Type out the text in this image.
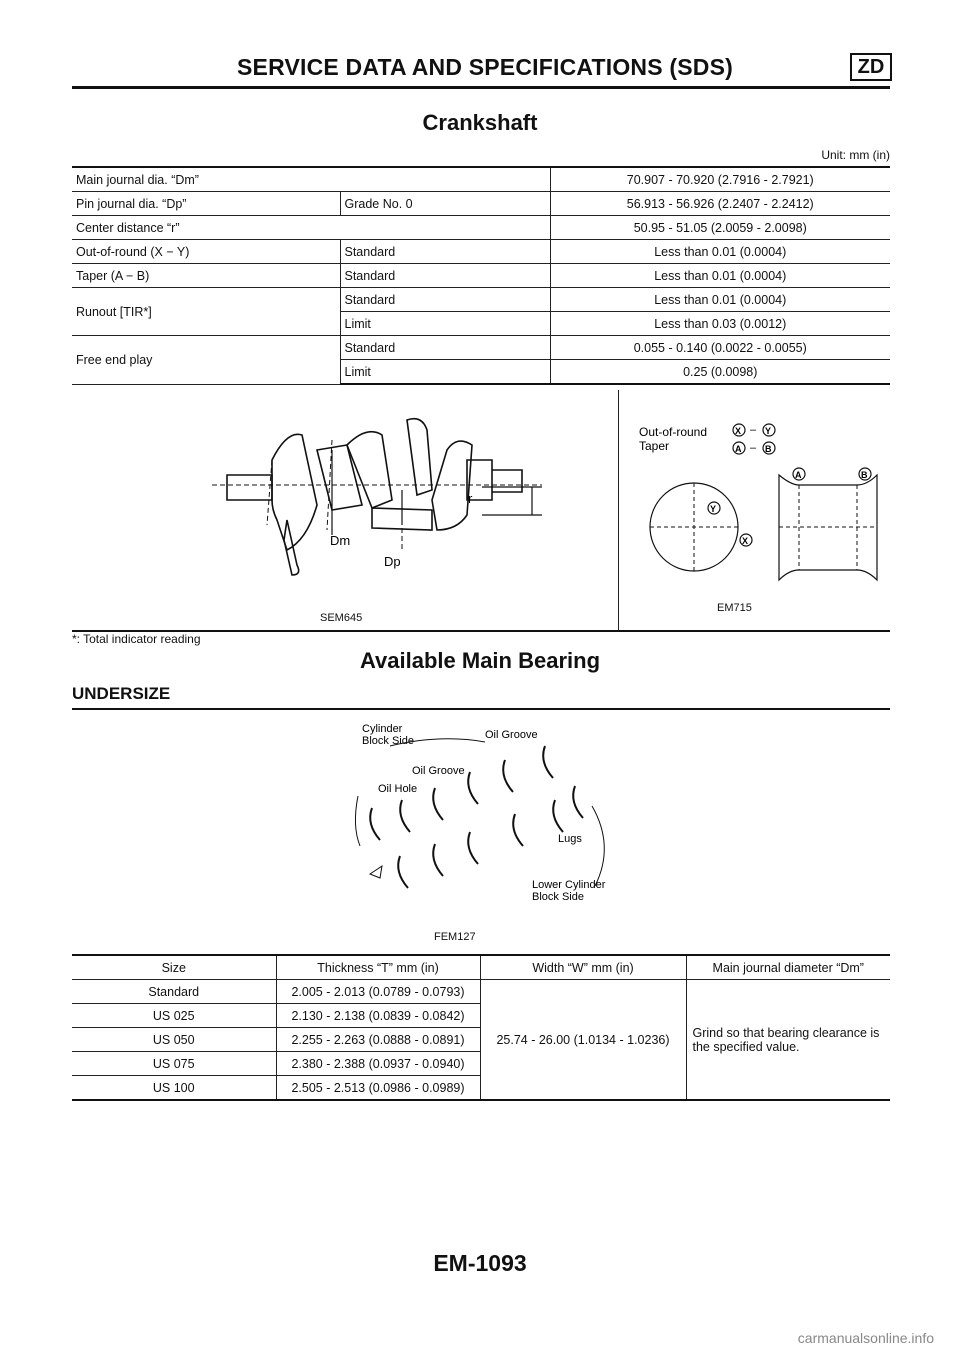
SERVICE DATA AND SPECIFICATIONS (SDS)	ZD
Crankshaft
Unit: mm (in)
Main journal dia. “Dm”		70.907 - 70.920 (2.7916 - 2.7921)
Pin journal dia. “Dp”	Grade No. 0	56.913 - 56.926 (2.2407 - 2.2412)
Center distance “r”		50.95 - 51.05 (2.0059 - 2.0098)
Out-of-round (X − Y)	Standard	Less than 0.01 (0.0004)
Taper (A − B)	Standard	Less than 0.01 (0.0004)
Runout [TIR*]	Standard	Less than 0.01 (0.0004)
	Limit	Less than 0.03 (0.0012)
Free end play	Standard	0.055 - 0.140 (0.0022 - 0.0055)
	Limit	0.25 (0.0098)
Dm
Dp
r
SEM645
Out-of-round
Taper
X – Y
A – B
A	B
Y
X
EM715
*: Total indicator reading
Available Main Bearing
UNDERSIZE
Cylinder
Block Side	Oil Groove
Oil Groove
Oil Hole
Lugs
Lower Cylinder
Block Side
FEM127
Size	Thickness “T” mm (in)	Width “W” mm (in)	Main journal diameter “Dm”
Standard	2.005 - 2.013 (0.0789 - 0.0793)	25.74 - 26.00 (1.0134 - 1.0236)	Grind so that bearing clearance is the specified value.
US 025	2.130 - 2.138 (0.0839 - 0.0842)		
US 050	2.255 - 2.263 (0.0888 - 0.0891)		
US 075	2.380 - 2.388 (0.0937 - 0.0940)		
US 100	2.505 - 2.513 (0.0986 - 0.0989)		
EM-1093
carmanualsonline.info
